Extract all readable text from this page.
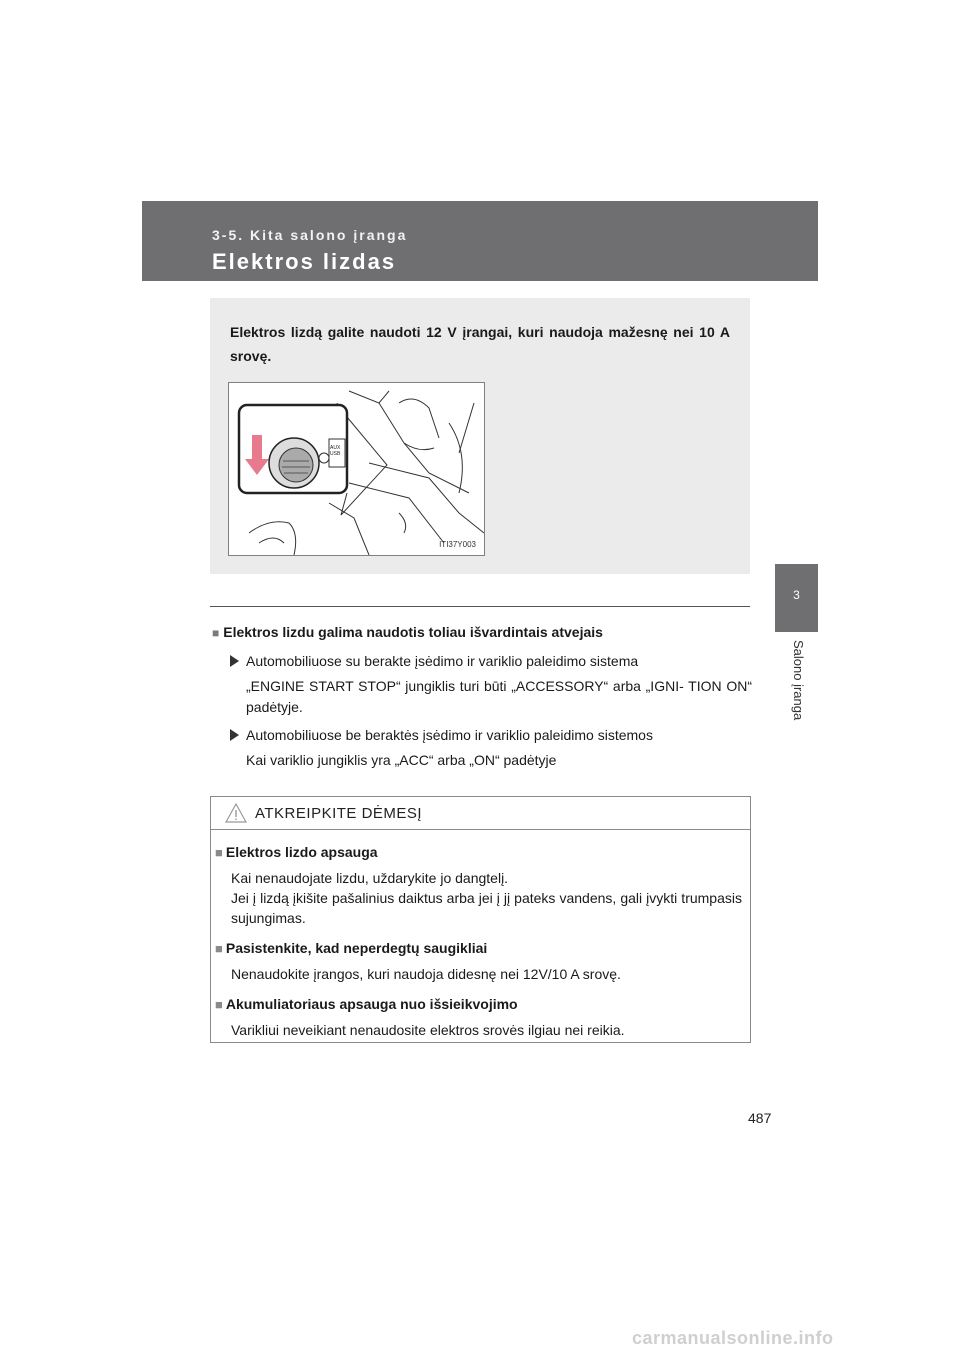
3-5. Kita salono įranga
Elektros lizdas
3
Salono įranga
Elektros lizdą galite naudoti 12 V įrangai, kuri naudoja mažesnę nei 10 A srovę.
AUX
USB
ITI37Y003
■ Elektros lizdu galima naudotis toliau išvardintais atvejais
Automobiliuose su berakte įsėdimo ir variklio paleidimo sistema
„ENGINE START STOP“ jungiklis turi būti „ACCESSORY“ arba „IGNI- TION ON“ padėtyje.
Automobiliuose be beraktės įsėdimo ir variklio paleidimo sistemos
Kai variklio jungiklis yra „ACC“ arba „ON“ padėtyje
ATKREIPKITE DĖMESĮ
■ Elektros lizdo apsauga
Kai nenaudojate lizdu, uždarykite jo dangtelį.
Jei į lizdą įkišite pašalinius daiktus arba jei į jį pateks vandens, gali įvykti trumpasis sujungimas.
■ Pasistenkite, kad neperdegtų saugikliai
Nenaudokite įrangos, kuri naudoja didesnę nei 12V/10 A srovę.
■ Akumuliatoriaus apsauga nuo išsieikvojimo
Varikliui neveikiant nenaudosite elektros srovės ilgiau nei reikia.
487
carmanualsonline.info
